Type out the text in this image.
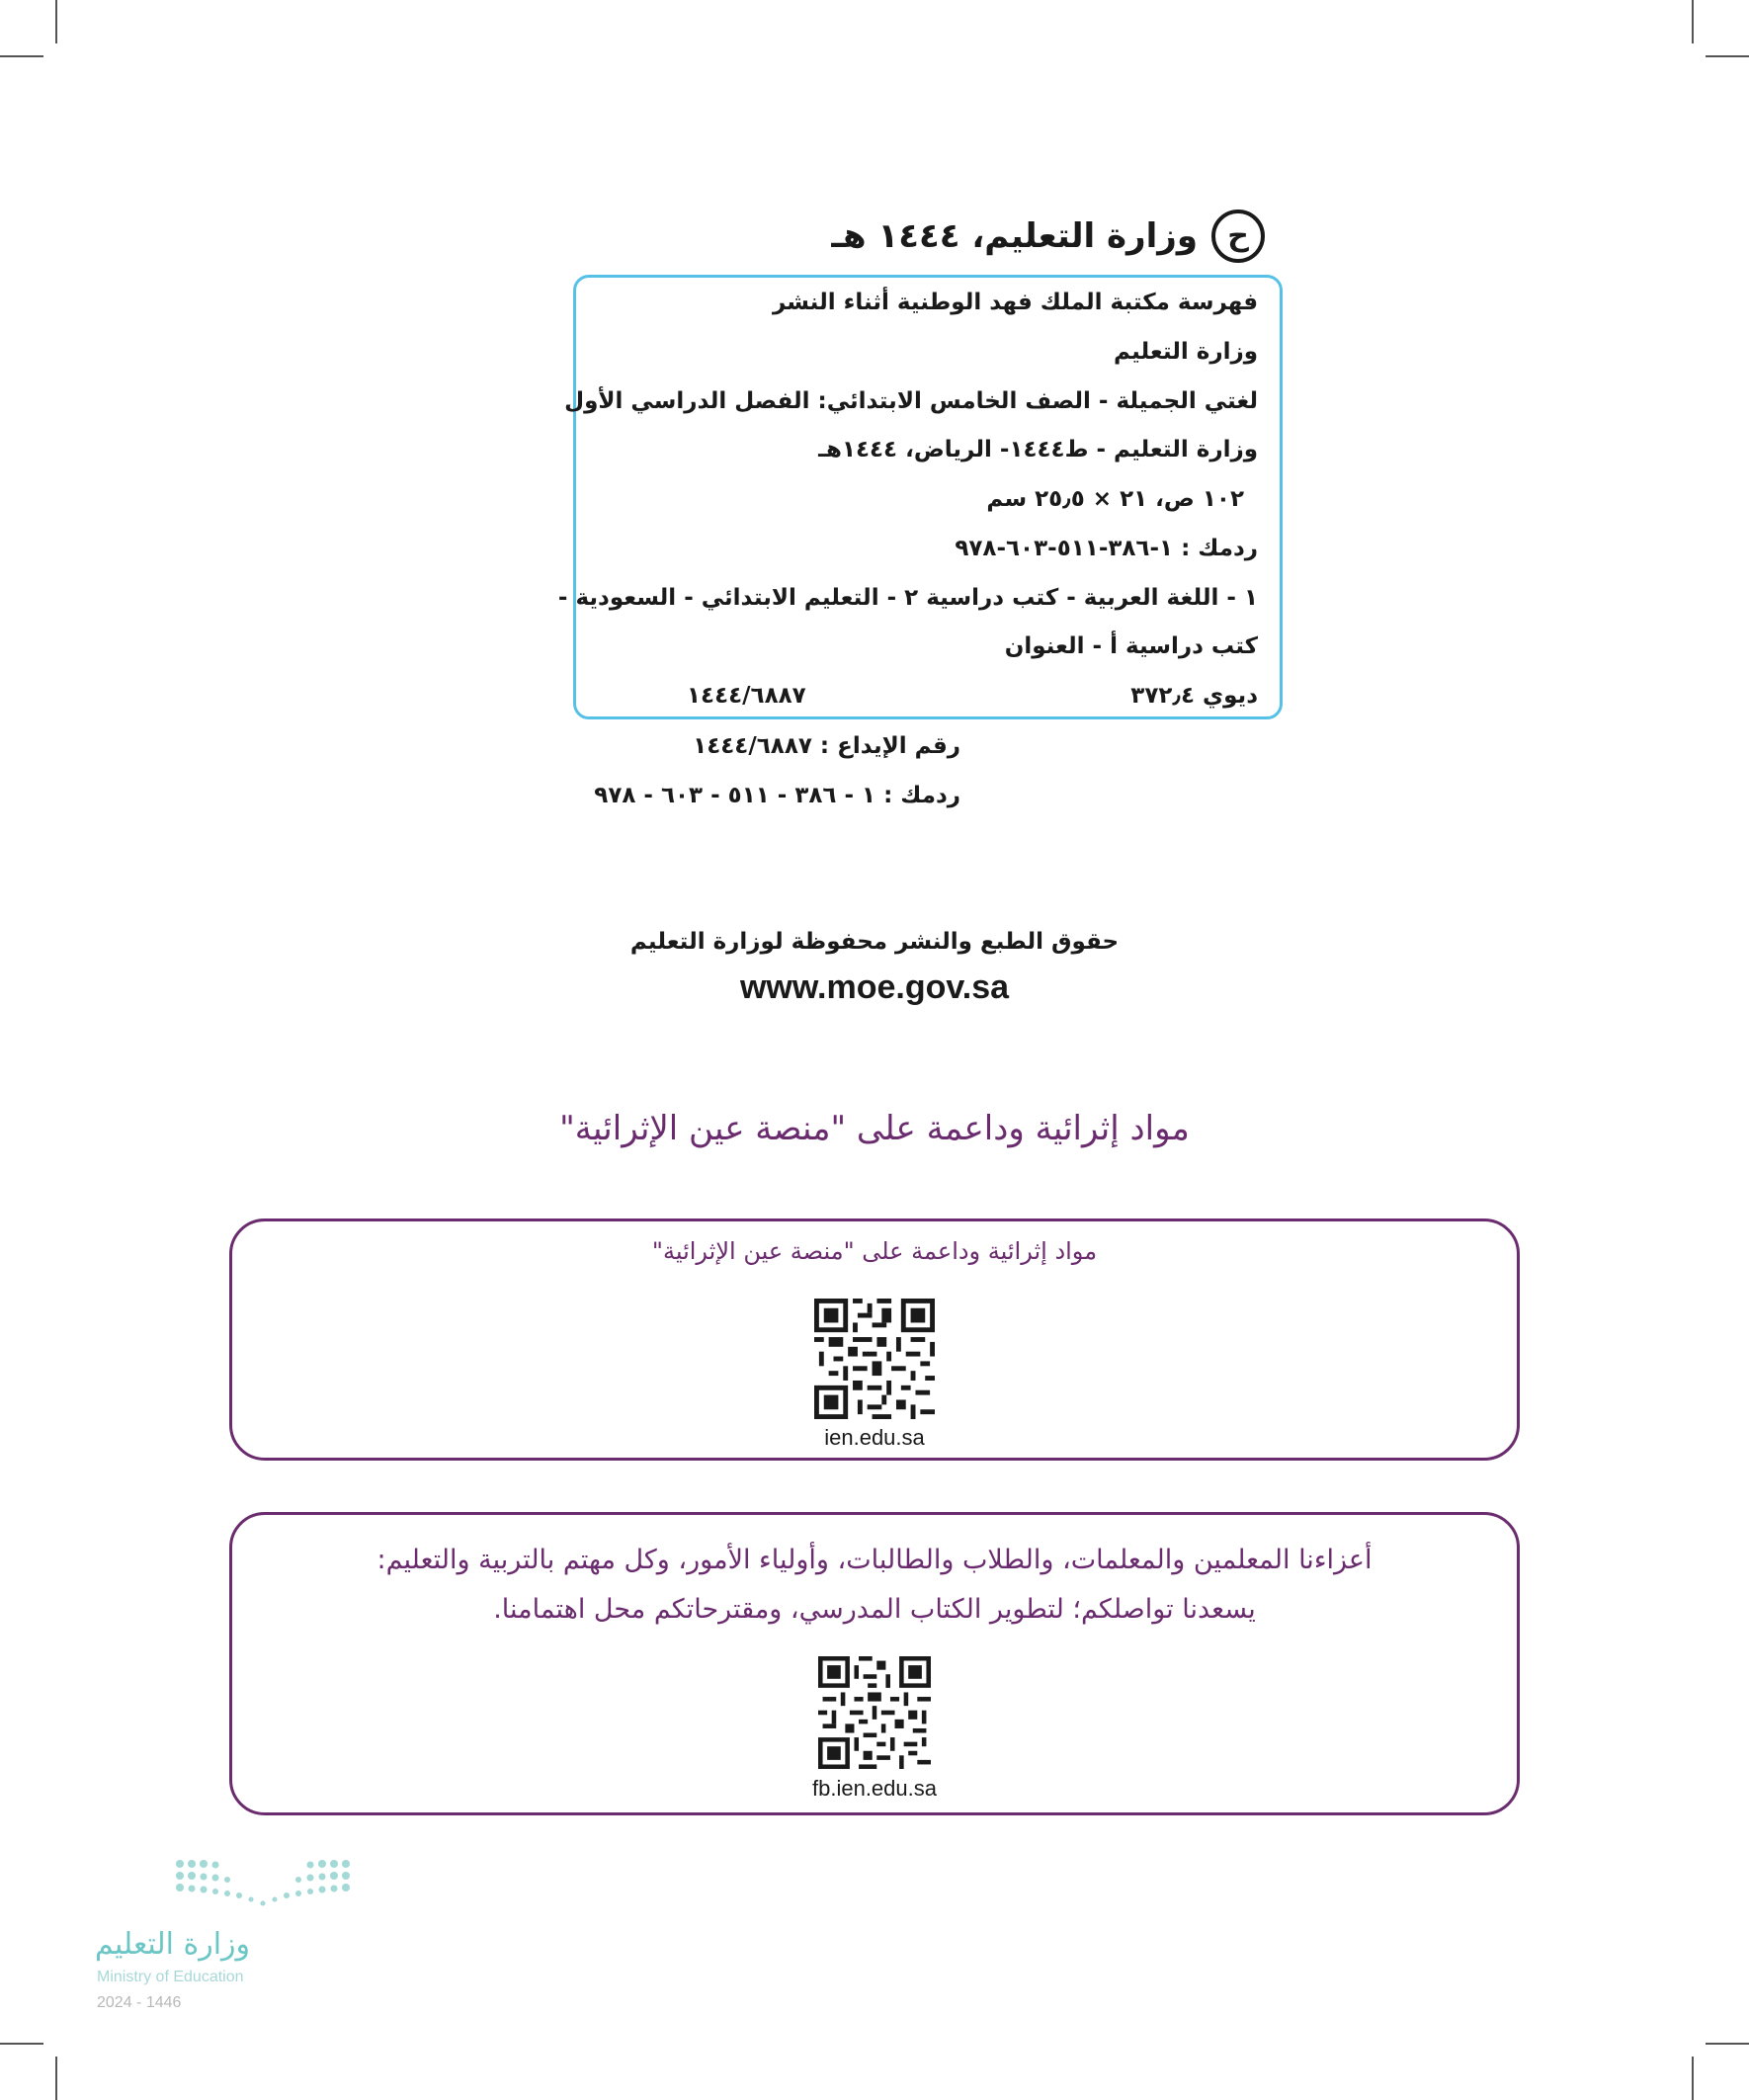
ح
وزارة التعليم، ١٤٤٤ هـ
فهرسة مكتبة الملك فهد الوطنية أثناء النشر
وزارة التعليم
لغتي الجميلة - الصف الخامس الابتدائي: الفصل الدراسي الأول
وزارة التعليم - ط١٤٤٤- الرياض، ١٤٤٤هـ
١٠٢ ص، ٢١ × ٢٥٫٥ سم
ردمك : ١-٣٨٦-٥١١-٦٠٣-٩٧٨
١ - اللغة العربية - كتب دراسية ٢ - التعليم الابتدائي - السعودية -
كتب دراسية أ - العنوان
ديوي ٣٧٢٫٤
١٤٤٤/٦٨٨٧
رقم الإيداع : ١٤٤٤/٦٨٨٧
ردمك : ١ - ٣٨٦ - ٥١١ - ٦٠٣ - ٩٧٨
حقوق الطبع والنشر محفوظة لوزارة التعليم
www.moe.gov.sa
مواد إثرائية وداعمة على "منصة عين الإثرائية"
مواد إثرائية وداعمة على "منصة عين الإثرائية"
ien.edu.sa
أعزاءنا المعلمين والمعلمات، والطلاب والطالبات، وأولياء الأمور، وكل مهتم بالتربية والتعليم:
يسعدنا تواصلكم؛ لتطوير الكتاب المدرسي، ومقترحاتكم محل اهتمامنا.
fb.ien.edu.sa
وزارة التعليم
Ministry of Education
2024 - 1446
